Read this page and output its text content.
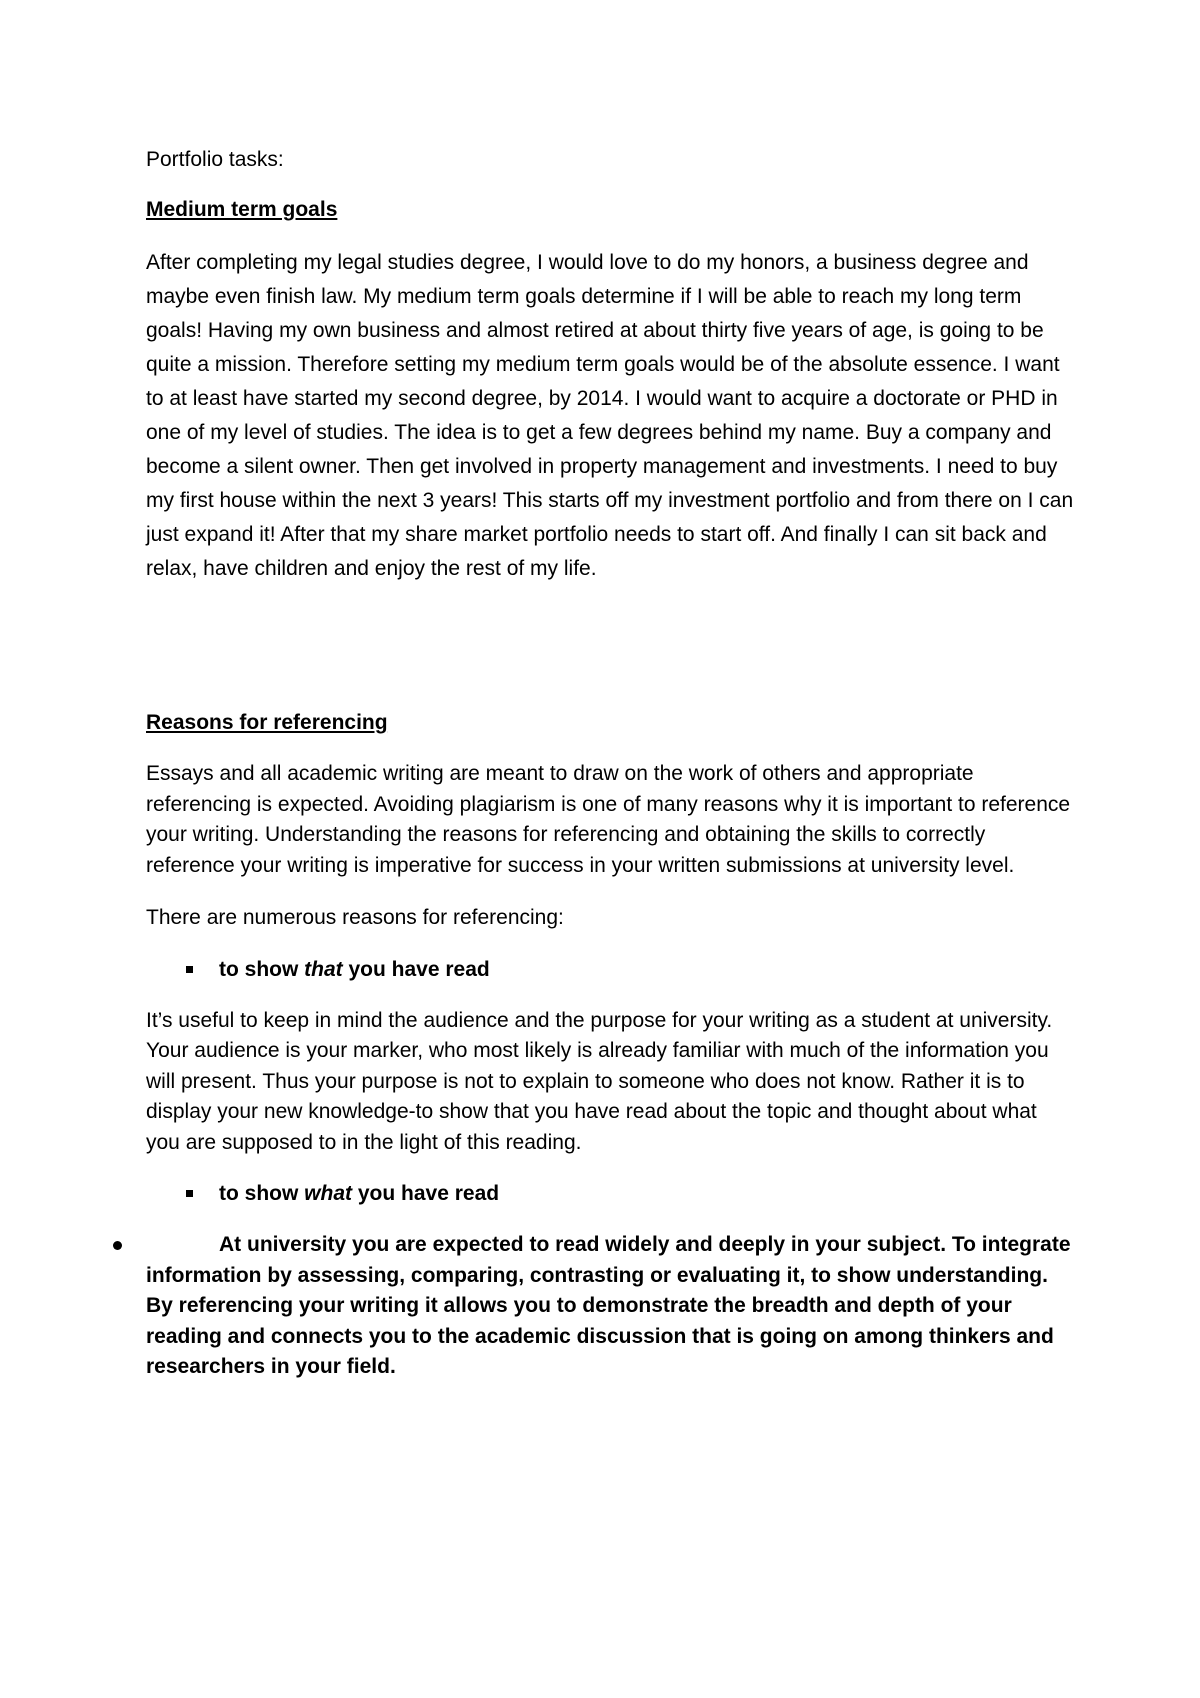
Portfolio tasks:

Medium term goals

After completing my legal studies degree, I would love to do my honors, a business degree and maybe even finish law. My medium term goals determine if I will be able to reach my long term goals! Having my own business and almost retired at about thirty five years of age, is going to be quite a mission. Therefore setting my medium term goals would be of the absolute essence. I want to at least have started my second degree, by 2014. I would want to acquire a doctorate or PHD in one of my level of studies. The idea is to get a few degrees behind my name. Buy a company and become a silent owner. Then get involved in property management and investments. I need to buy my first house within the next 3 years! This starts off my investment portfolio and from there on I can just expand it! After that my share market portfolio needs to start off. And finally I can sit back and relax, have children and enjoy the rest of my life.

Reasons for referencing

Essays and all academic writing are meant to draw on the work of others and appropriate referencing is expected. Avoiding plagiarism is one of many reasons why it is important to reference your writing. Understanding the reasons for referencing and obtaining the skills to correctly reference your writing is imperative for success in your written submissions at university level.

There are numerous reasons for referencing:

to show that you have read

It’s useful to keep in mind the audience and the purpose for your writing as a student at university. Your audience is your marker, who most likely is already familiar with much of the information you will present. Thus your purpose is not to explain to someone who does not know. Rather it is to display your new knowledge-to show that you have read about the topic and thought about what you are supposed to in the light of this reading.

to show what you have read

At university you are expected to read widely and deeply in your subject. To integrate information by assessing, comparing, contrasting or evaluating it, to show understanding. By referencing your writing it allows you to demonstrate the breadth and depth of your reading and connects you to the academic discussion that is going on among thinkers and researchers in your field.
